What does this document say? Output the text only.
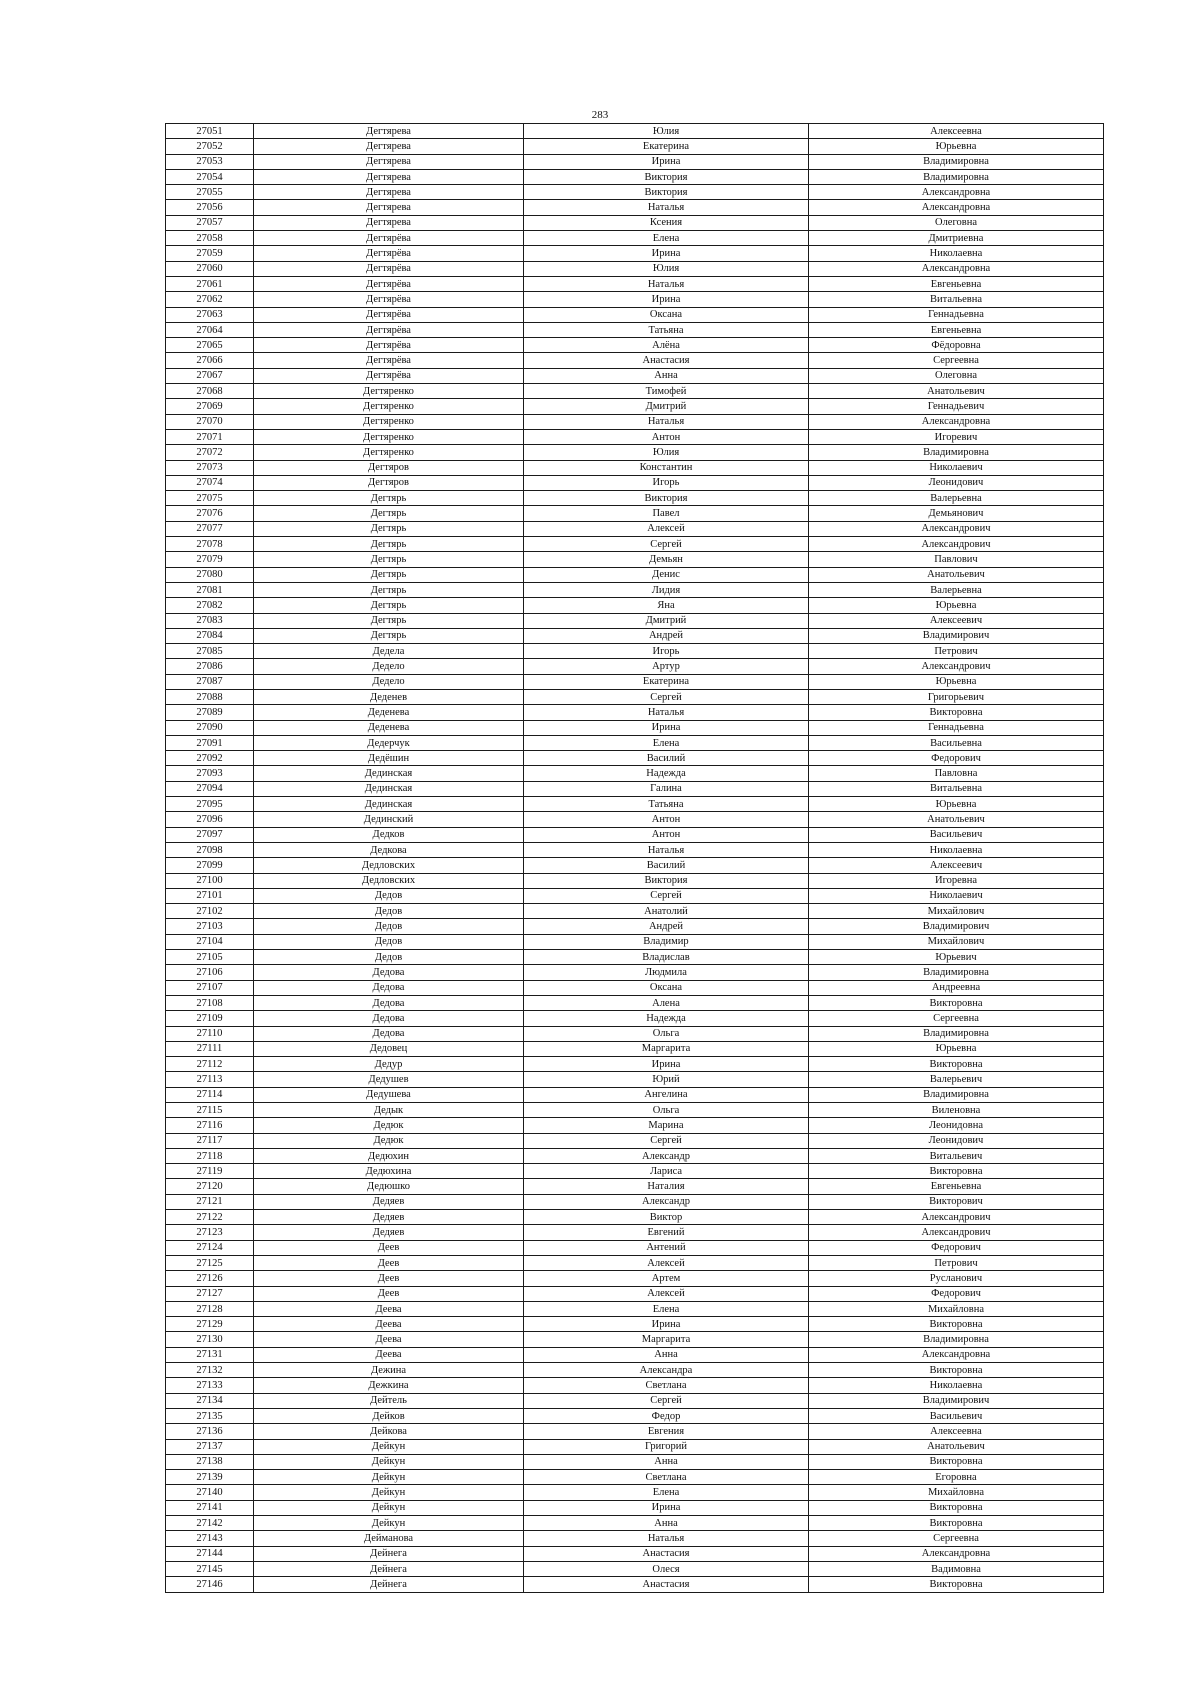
283
27051	Дегтярева	Юлия	Алексеевна
27052	Дегтярева	Екатерина	Юрьевна
27053	Дегтярева	Ирина	Владимировна
27054	Дегтярева	Виктория	Владимировна
27055	Дегтярева	Виктория	Александровна
27056	Дегтярева	Наталья	Александровна
27057	Дегтярева	Ксения	Олеговна
27058	Дегтярёва	Елена	Дмитриевна
27059	Дегтярёва	Ирина	Николаевна
27060	Дегтярёва	Юлия	Александровна
27061	Дегтярёва	Наталья	Евгеньевна
27062	Дегтярёва	Ирина	Витальевна
27063	Дегтярёва	Оксана	Геннадьевна
27064	Дегтярёва	Татьяна	Евгеньевна
27065	Дегтярёва	Алёна	Фёдоровна
27066	Дегтярёва	Анастасия	Сергеевна
27067	Дегтярёва	Анна	Олеговна
27068	Дегтяренко	Тимофей	Анатольевич
27069	Дегтяренко	Дмитрий	Геннадьевич
27070	Дегтяренко	Наталья	Александровна
27071	Дегтяренко	Антон	Игоревич
27072	Дегтяренко	Юлия	Владимировна
27073	Дегтяров	Константин	Николаевич
27074	Дегтяров	Игорь	Леонидович
27075	Дегтярь	Виктория	Валерьевна
27076	Дегтярь	Павел	Демьянович
27077	Дегтярь	Алексей	Александрович
27078	Дегтярь	Сергей	Александрович
27079	Дегтярь	Демьян	Павлович
27080	Дегтярь	Денис	Анатольевич
27081	Дегтярь	Лидия	Валерьевна
27082	Дегтярь	Яна	Юрьевна
27083	Дегтярь	Дмитрий	Алексеевич
27084	Дегтярь	Андрей	Владимирович
27085	Дедела	Игорь	Петрович
27086	Дедело	Артур	Александрович
27087	Дедело	Екатерина	Юрьевна
27088	Деденев	Сергей	Григорьевич
27089	Деденева	Наталья	Викторовна
27090	Деденева	Ирина	Геннадьевна
27091	Дедерчук	Елена	Васильевна
27092	Дедёшин	Василий	Федорович
27093	Дединская	Надежда	Павловна
27094	Дединская	Галина	Витальевна
27095	Дединская	Татьяна	Юрьевна
27096	Дединский	Антон	Анатольевич
27097	Дедков	Антон	Васильевич
27098	Дедкова	Наталья	Николаевна
27099	Дедловских	Василий	Алексеевич
27100	Дедловских	Виктория	Игоревна
27101	Дедов	Сергей	Николаевич
27102	Дедов	Анатолий	Михайлович
27103	Дедов	Андрей	Владимирович
27104	Дедов	Владимир	Михайлович
27105	Дедов	Владислав	Юрьевич
27106	Дедова	Людмила	Владимировна
27107	Дедова	Оксана	Андреевна
27108	Дедова	Алена	Викторовна
27109	Дедова	Надежда	Сергеевна
27110	Дедова	Ольга	Владимировна
27111	Дедовец	Маргарита	Юрьевна
27112	Дедур	Ирина	Викторовна
27113	Дедушев	Юрий	Валерьевич
27114	Дедушева	Ангелина	Владимировна
27115	Дедык	Ольга	Виленовна
27116	Дедюк	Марина	Леонидовна
27117	Дедюк	Сергей	Леонидович
27118	Дедюхин	Александр	Витальевич
27119	Дедюхина	Лариса	Викторовна
27120	Дедюшко	Наталия	Евгеньевна
27121	Дедяев	Александр	Викторович
27122	Дедяев	Виктор	Александрович
27123	Дедяев	Евгений	Александрович
27124	Деев	Антений	Федорович
27125	Деев	Алексей	Петрович
27126	Деев	Артем	Русланович
27127	Деев	Алексей	Федорович
27128	Деева	Елена	Михайловна
27129	Деева	Ирина	Викторовна
27130	Деева	Маргарита	Владимировна
27131	Деева	Анна	Александровна
27132	Дежина	Александра	Викторовна
27133	Дежкина	Светлана	Николаевна
27134	Дейтель	Сергей	Владимирович
27135	Дейков	Федор	Васильевич
27136	Дейкова	Евгения	Алексеевна
27137	Дейкун	Григорий	Анатольевич
27138	Дейкун	Анна	Викторовна
27139	Дейкун	Светлана	Егоровна
27140	Дейкун	Елена	Михайловна
27141	Дейкун	Ирина	Викторовна
27142	Дейкун	Анна	Викторовна
27143	Дейманова	Наталья	Сергеевна
27144	Дейнега	Анастасия	Александровна
27145	Дейнега	Олеся	Вадимовна
27146	Дейнега	Анастасия	Викторовна
